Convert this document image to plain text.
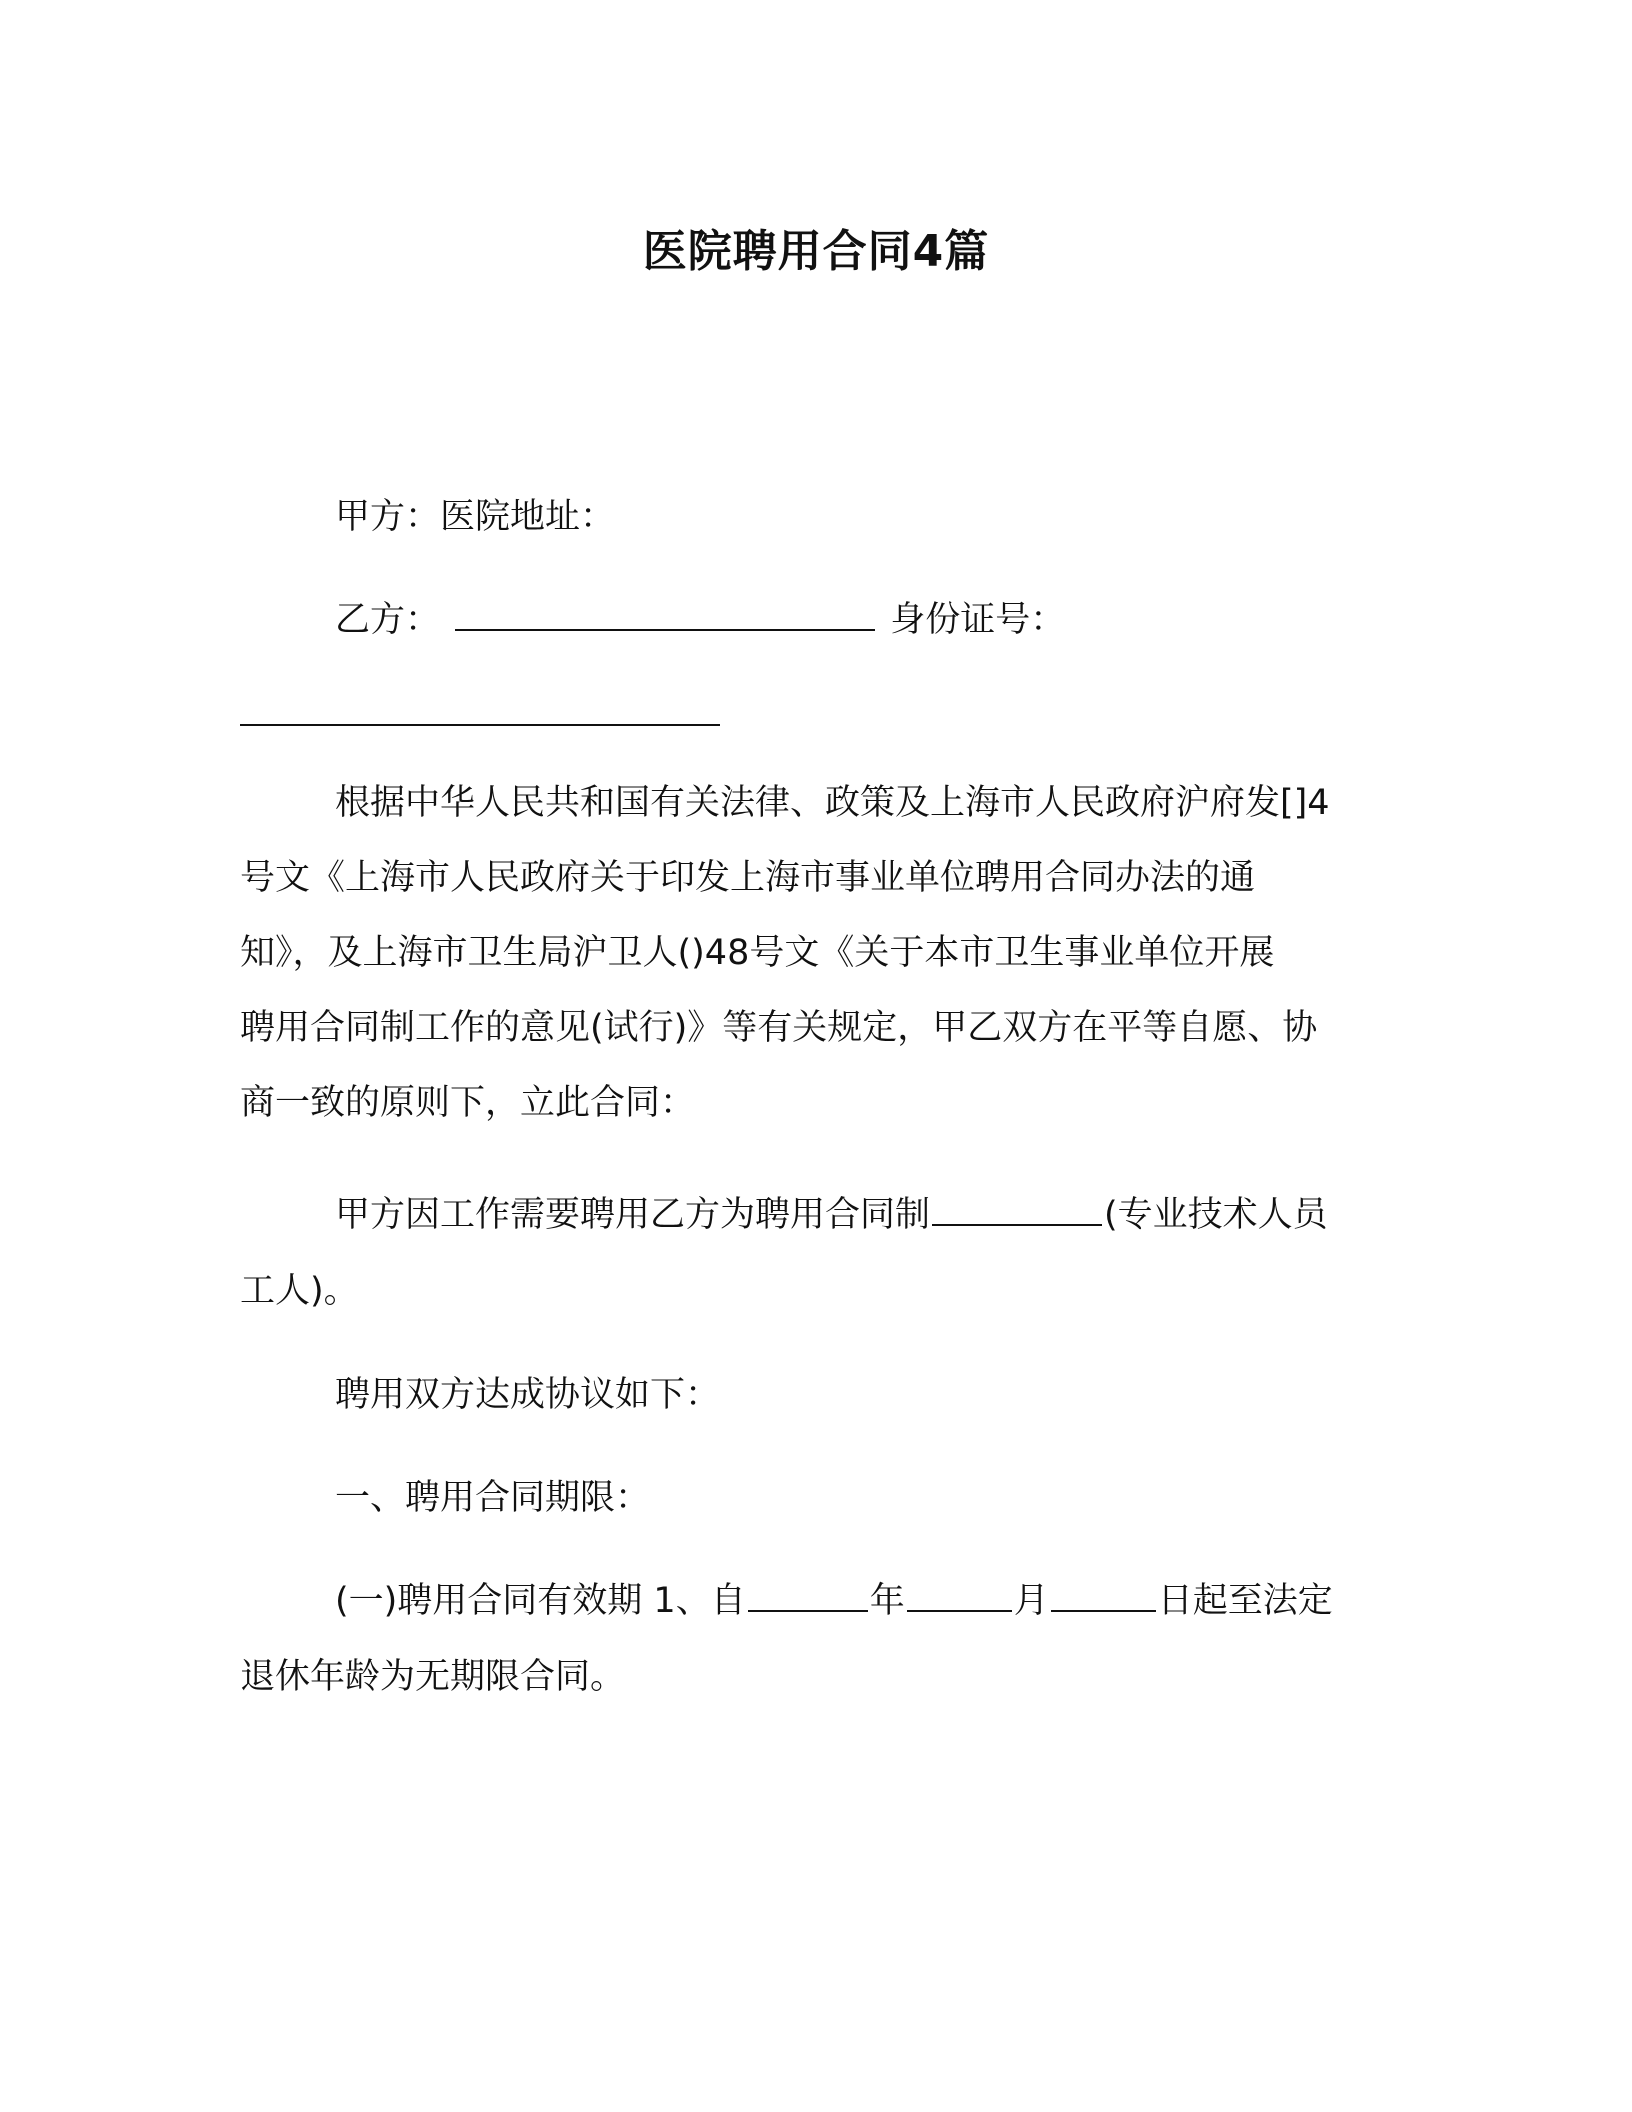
医院聘用合同4篇
甲方：医院地址：
乙方：	身份证号：
根据中华人民共和国有关法律、政策及上海市人民政府沪府发[]4
号文《上海市人民政府关于印发上海市事业单位聘用合同办法的通
知》，及上海市卫生局沪卫人()48号文《关于本市卫生事业单位开展
聘用合同制工作的意见(试行)》等有关规定，甲乙双方在平等自愿、协
商一致的原则下，立此合同：
甲方因工作需要聘用乙方为聘用合同制	(专业技术人员
工人)。
聘用双方达成协议如下：
一、聘用合同期限：
(一)聘用合同有效期 1、自	年	月	日起至法定
退休年龄为无期限合同。
